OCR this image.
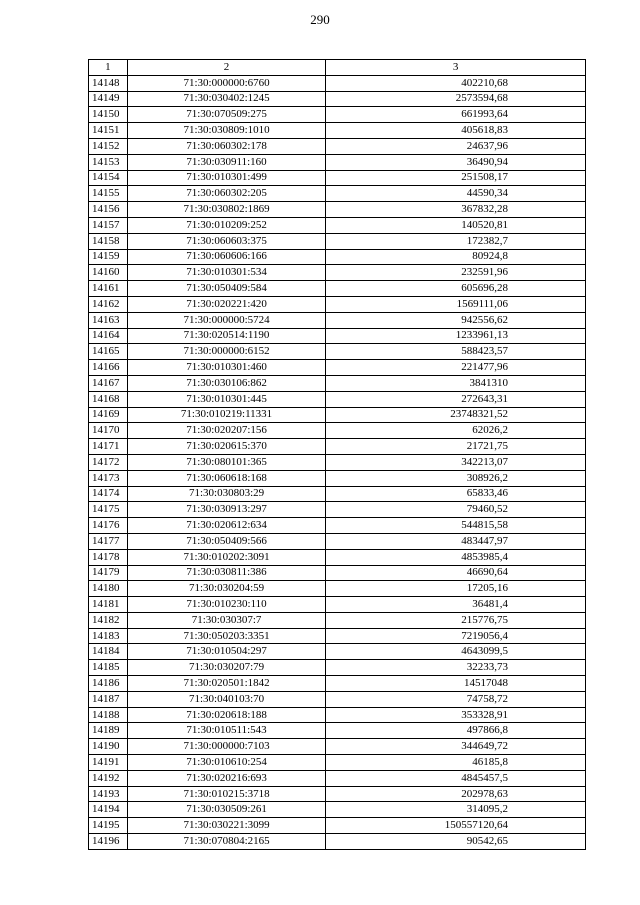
290
1	2	3
14148	71:30:000000:6760	402210,68
14149	71:30:030402:1245	2573594,68
14150	71:30:070509:275	661993,64
14151	71:30:030809:1010	405618,83
14152	71:30:060302:178	24637,96
14153	71:30:030911:160	36490,94
14154	71:30:010301:499	251508,17
14155	71:30:060302:205	44590,34
14156	71:30:030802:1869	367832,28
14157	71:30:010209:252	140520,81
14158	71:30:060603:375	172382,7
14159	71:30:060606:166	80924,8
14160	71:30:010301:534	232591,96
14161	71:30:050409:584	605696,28
14162	71:30:020221:420	1569111,06
14163	71:30:000000:5724	942556,62
14164	71:30:020514:1190	1233961,13
14165	71:30:000000:6152	588423,57
14166	71:30:010301:460	221477,96
14167	71:30:030106:862	3841310
14168	71:30:010301:445	272643,31
14169	71:30:010219:11331	23748321,52
14170	71:30:020207:156	62026,2
14171	71:30:020615:370	21721,75
14172	71:30:080101:365	342213,07
14173	71:30:060618:168	308926,2
14174	71:30:030803:29	65833,46
14175	71:30:030913:297	79460,52
14176	71:30:020612:634	544815,58
14177	71:30:050409:566	483447,97
14178	71:30:010202:3091	4853985,4
14179	71:30:030811:386	46690,64
14180	71:30:030204:59	17205,16
14181	71:30:010230:110	36481,4
14182	71:30:030307:7	215776,75
14183	71:30:050203:3351	7219056,4
14184	71:30:010504:297	4643099,5
14185	71:30:030207:79	32233,73
14186	71:30:020501:1842	14517048
14187	71:30:040103:70	74758,72
14188	71:30:020618:188	353328,91
14189	71:30:010511:543	497866,8
14190	71:30:000000:7103	344649,72
14191	71:30:010610:254	46185,8
14192	71:30:020216:693	4845457,5
14193	71:30:010215:3718	202978,63
14194	71:30:030509:261	314095,2
14195	71:30:030221:3099	150557120,64
14196	71:30:070804:2165	90542,65
